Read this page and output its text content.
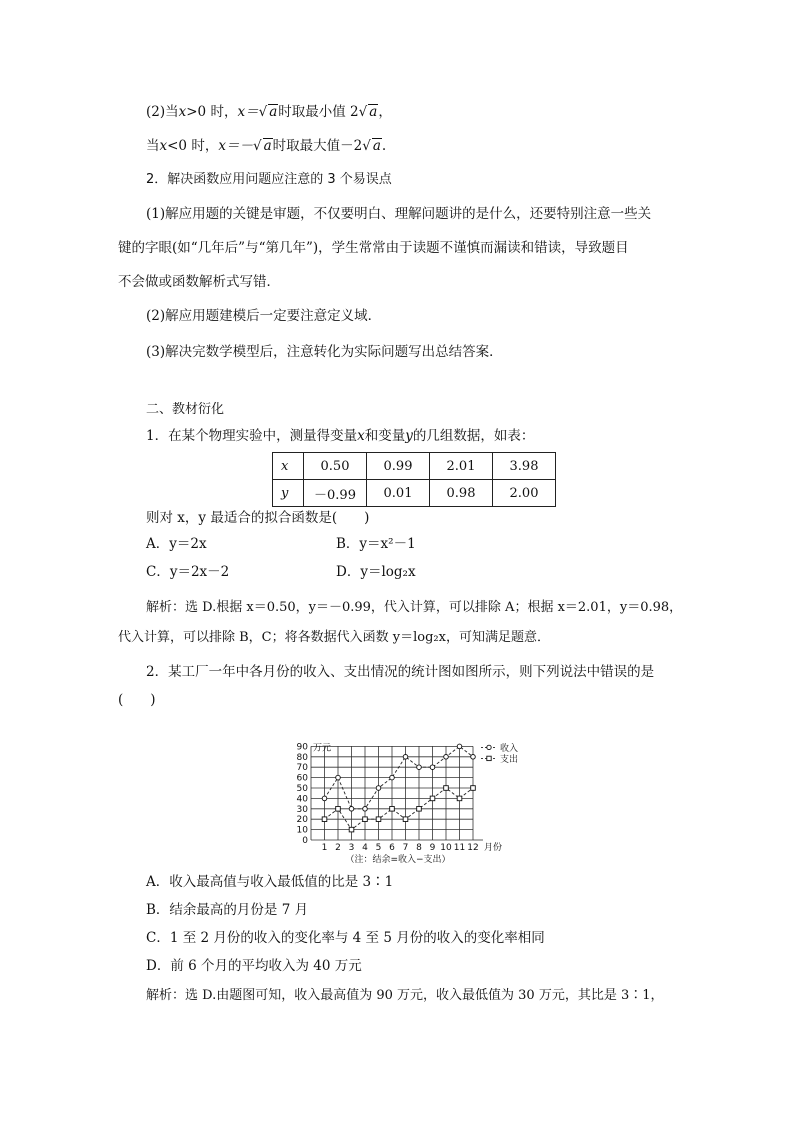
(2)当x>0 时，x＝√ a时取最小值 2√ a，
当x<0 时，x＝－√ a时取最大值－2√ a.
2．解决函数应用问题应注意的 3 个易误点
(1)解应用题的关键是审题，不仅要明白、理解问题讲的是什么，还要特别注意一些关
键的字眼(如“几年后”与“第几年”)，学生常常由于读题不谨慎而漏读和错读，导致题目
不会做或函数解析式写错．
(2)解应用题建模后一定要注意定义域．
(3)解决完数学模型后，注意转化为实际问题写出总结答案．
二、教材衍化
1．在某个物理实验中，测量得变量x和变量y的几组数据，如表：
x	0.50	0.99	2.01	3.98
y	－0.99	0.01	0.98	2.00
则对 x，y 最适合的拟合函数是(　　)
A．y＝2x	B．y＝x²－1
C．y＝2x－2	D．y＝log₂x
解析：选 D.根据 x＝0.50，y＝－0.99，代入计算，可以排除 A；根据 x＝2.01，y＝0.98，
代入计算，可以排除 B，C；将各数据代入函数 y＝log₂x，可知满足题意．
2．某工厂一年中各月份的收入、支出情况的统计图如图所示，则下列说法中错误的是
(　　)
0
10
20
30
40
50
60
70
80
90
1 2 3 4 5 6 7 8 9 10 11 12 月份
万元
（注：结余=收入−支出）
收入
支出
A．收入最高值与收入最低值的比是 3∶1
B．结余最高的月份是 7 月
C．1 至 2 月份的收入的变化率与 4 至 5 月份的收入的变化率相同
D．前 6 个月的平均收入为 40 万元
解析：选 D.由题图可知，收入最高值为 90 万元，收入最低值为 30 万元，其比是 3∶1，
